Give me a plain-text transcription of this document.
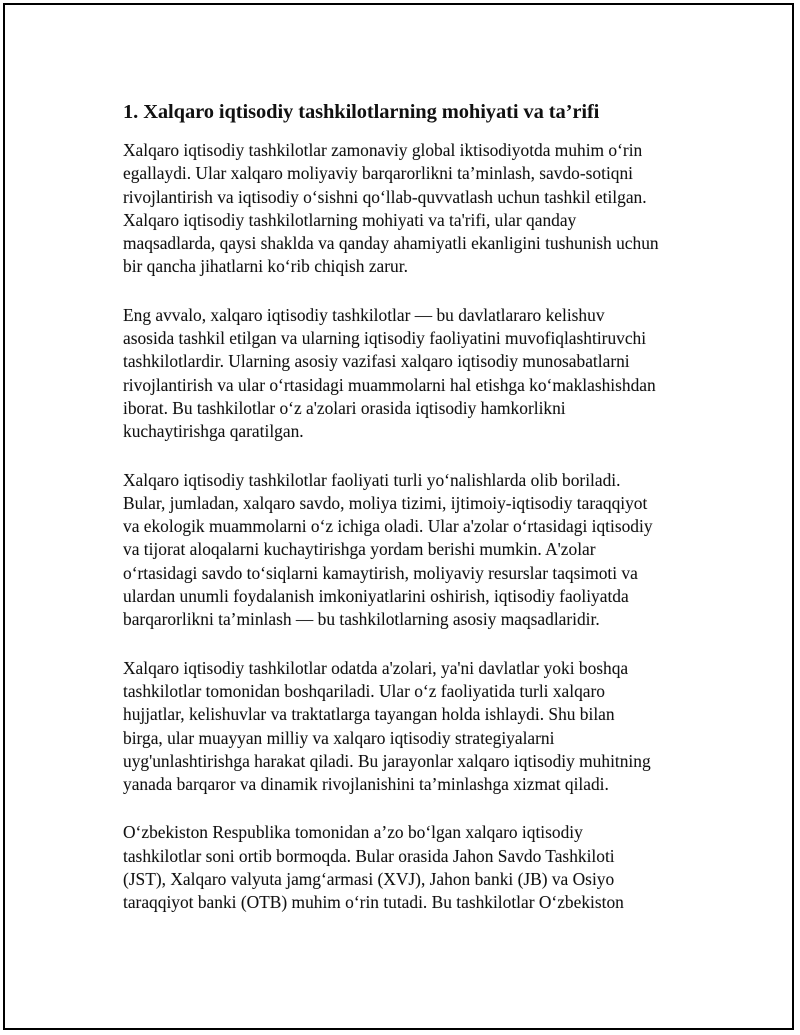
1. Xalqaro iqtisodiy tashkilotlarning mohiyati va ta’rifi

Xalqaro iqtisodiy tashkilotlar zamonaviy global iktisodiyotda muhim o‘rin
egallaydi. Ular xalqaro moliyaviy barqarorlikni ta’minlash, savdo-sotiqni
rivojlantirish va iqtisodiy o‘sishni qo‘llab-quvvatlash uchun tashkil etilgan.
Xalqaro iqtisodiy tashkilotlarning mohiyati va ta'rifi, ular qanday
maqsadlarda, qaysi shaklda va qanday ahamiyatli ekanligini tushunish uchun
bir qancha jihatlarni ko‘rib chiqish zarur.

Eng avvalo, xalqaro iqtisodiy tashkilotlar — bu davlatlararo kelishuv
asosida tashkil etilgan va ularning iqtisodiy faoliyatini muvofiqlashtiruvchi
tashkilotlardir. Ularning asosiy vazifasi xalqaro iqtisodiy munosabatlarni
rivojlantirish va ular o‘rtasidagi muammolarni hal etishga ko‘maklashishdan
iborat. Bu tashkilotlar o‘z a'zolari orasida iqtisodiy hamkorlikni
kuchaytirishga qaratilgan.

Xalqaro iqtisodiy tashkilotlar faoliyati turli yo‘nalishlarda olib boriladi.
Bular, jumladan, xalqaro savdo, moliya tizimi, ijtimoiy-iqtisodiy taraqqiyot
va ekologik muammolarni o‘z ichiga oladi. Ular a'zolar o‘rtasidagi iqtisodiy
va tijorat aloqalarni kuchaytirishga yordam berishi mumkin. A'zolar
o‘rtasidagi savdo to‘siqlarni kamaytirish, moliyaviy resurslar taqsimoti va
ulardan unumli foydalanish imkoniyatlarini oshirish, iqtisodiy faoliyatda
barqarorlikni ta’minlash — bu tashkilotlarning asosiy maqsadlaridir.

Xalqaro iqtisodiy tashkilotlar odatda a'zolari, ya'ni davlatlar yoki boshqa
tashkilotlar tomonidan boshqariladi. Ular o‘z faoliyatida turli xalqaro
hujjatlar, kelishuvlar va traktatlarga tayangan holda ishlaydi. Shu bilan
birga, ular muayyan milliy va xalqaro iqtisodiy strategiyalarni
uyg'unlashtirishga harakat qiladi. Bu jarayonlar xalqaro iqtisodiy muhitning
yanada barqaror va dinamik rivojlanishini ta’minlashga xizmat qiladi.

O‘zbekiston Respublika tomonidan a’zo bo‘lgan xalqaro iqtisodiy
tashkilotlar soni ortib bormoqda. Bular orasida Jahon Savdo Tashkiloti
(JST), Xalqaro valyuta jamg‘armasi (XVJ), Jahon banki (JB) va Osiyo
taraqqiyot banki (OTB) muhim o‘rin tutadi. Bu tashkilotlar O‘zbekiston
